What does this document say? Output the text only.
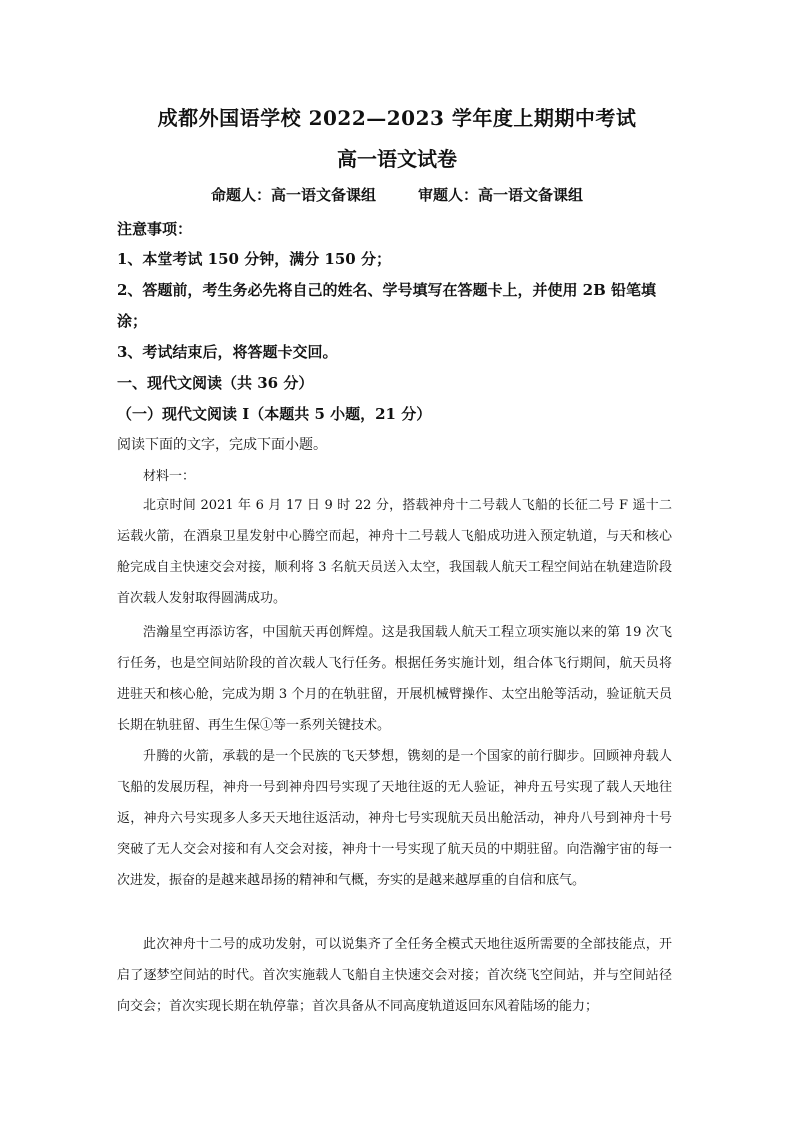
成都外国语学校 2022—2023 学年度上期期中考试
高一语文试卷
命题人：高一语文备课组	审题人：高一语文备课组
注意事项：
1、本堂考试 150 分钟，满分 150 分；
2、答题前，考生务必先将自己的姓名、学号填写在答题卡上，并使用 2B 铅笔填
涂；
3、考试结束后，将答题卡交回。
一、现代文阅读（共 36 分）
（一）现代文阅读 I（本题共 5 小题，21 分）
阅读下面的文字，完成下面小题。
材料一：
北京时间 2021 年 6 月 17 日 9 时 22 分，搭载神舟十二号载人飞船的长征二号 F 遥十二运载火箭，在酒泉卫星发射中心腾空而起，神舟十二号载人飞船成功进入预定轨道，与天和核心舱完成自主快速交会对接，顺利将 3 名航天员送入太空，我国载人航天工程空间站在轨建造阶段首次载人发射取得圆满成功。
浩瀚星空再添访客，中国航天再创辉煌。这是我国载人航天工程立项实施以来的第 19 次飞行任务，也是空间站阶段的首次载人飞行任务。根据任务实施计划，组合体飞行期间，航天员将进驻天和核心舱，完成为期 3 个月的在轨驻留，开展机械臂操作、太空出舱等活动，验证航天员长期在轨驻留、再生生保①等一系列关键技术。
升腾的火箭，承载的是一个民族的飞天梦想，镌刻的是一个国家的前行脚步。回顾神舟载人飞船的发展历程，神舟一号到神舟四号实现了天地往返的无人验证，神舟五号实现了载人天地往返，神舟六号实现多人多天天地往返活动，神舟七号实现航天员出舱活动，神舟八号到神舟十号突破了无人交会对接和有人交会对接，神舟十一号实现了航天员的中期驻留。向浩瀚宇宙的每一次进发，振奋的是越来越昂扬的精神和气概，夯实的是越来越厚重的自信和底气。
此次神舟十二号的成功发射，可以说集齐了全任务全模式天地往返所需要的全部技能点，开启了逐梦空间站的时代。首次实施载人飞船自主快速交会对接；首次绕飞空间站，并与空间站径向交会；首次实现长期在轨停靠；首次具备从不同高度轨道返回东风着陆场的能力；
